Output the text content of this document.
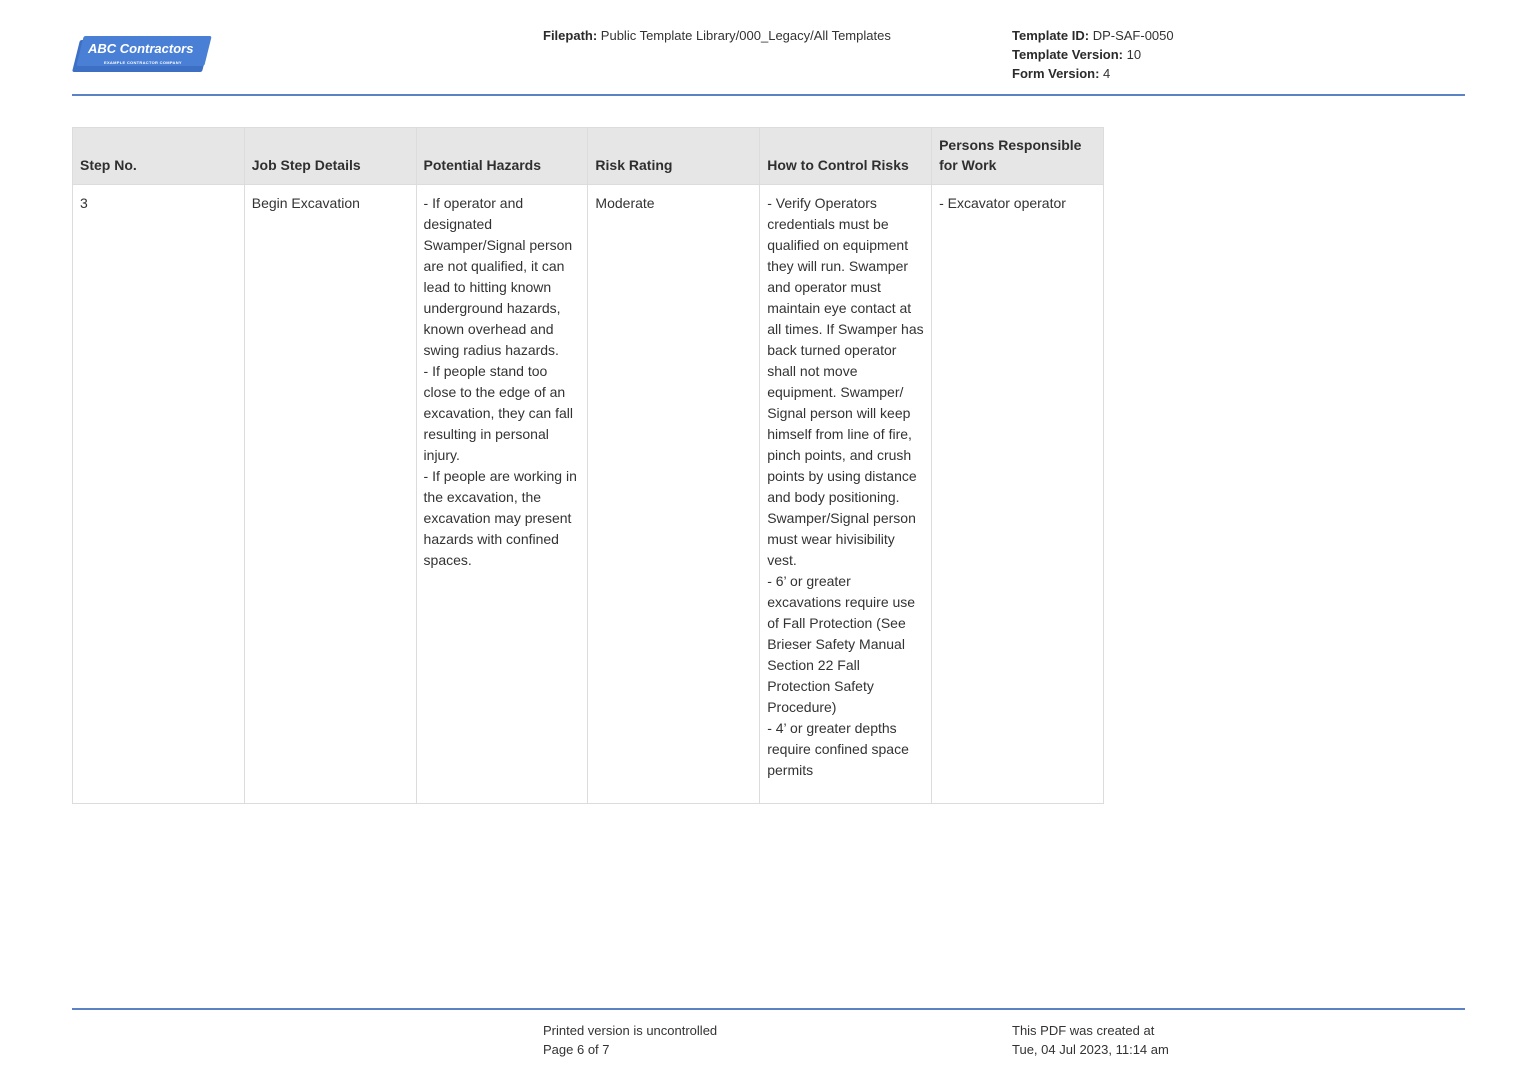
ABC Contractors
EXAMPLE CONTRACTOR COMPANY
Filepath: Public Template Library/000_Legacy/All Templates	Template ID: DP-SAF-0050
Template Version: 10
Form Version: 4
Step No.	Job Step Details	Potential Hazards	Risk Rating	How to Control Risks	Persons Responsible for Work
3	Begin Excavation	- If operator and designated Swamper/Signal person are not qualified, it can lead to hitting known underground hazards, known overhead and swing radius hazards.
- If people stand too close to the edge of an excavation, they can fall resulting in personal injury.
- If people are working in the excavation, the excavation may present hazards with confined spaces.
	Moderate	- Verify Operators credentials must be qualified on equipment they will run. Swamper and operator must maintain eye contact at all times. If Swamper has back turned operator shall not move equipment. Swamper/ Signal person will keep himself from line of fire, pinch points, and crush points by using distance and body positioning. Swamper/Signal person must wear hivisibility vest.
- 6’ or greater excavations require use of Fall Protection (See Brieser Safety Manual Section 22 Fall Protection Safety Procedure)
- 4’ or greater depths require confined space permits
	- Excavator operator
Printed version is uncontrolled
Page 6 of 7
This PDF was created at
Tue, 04 Jul 2023, 11:14 am
